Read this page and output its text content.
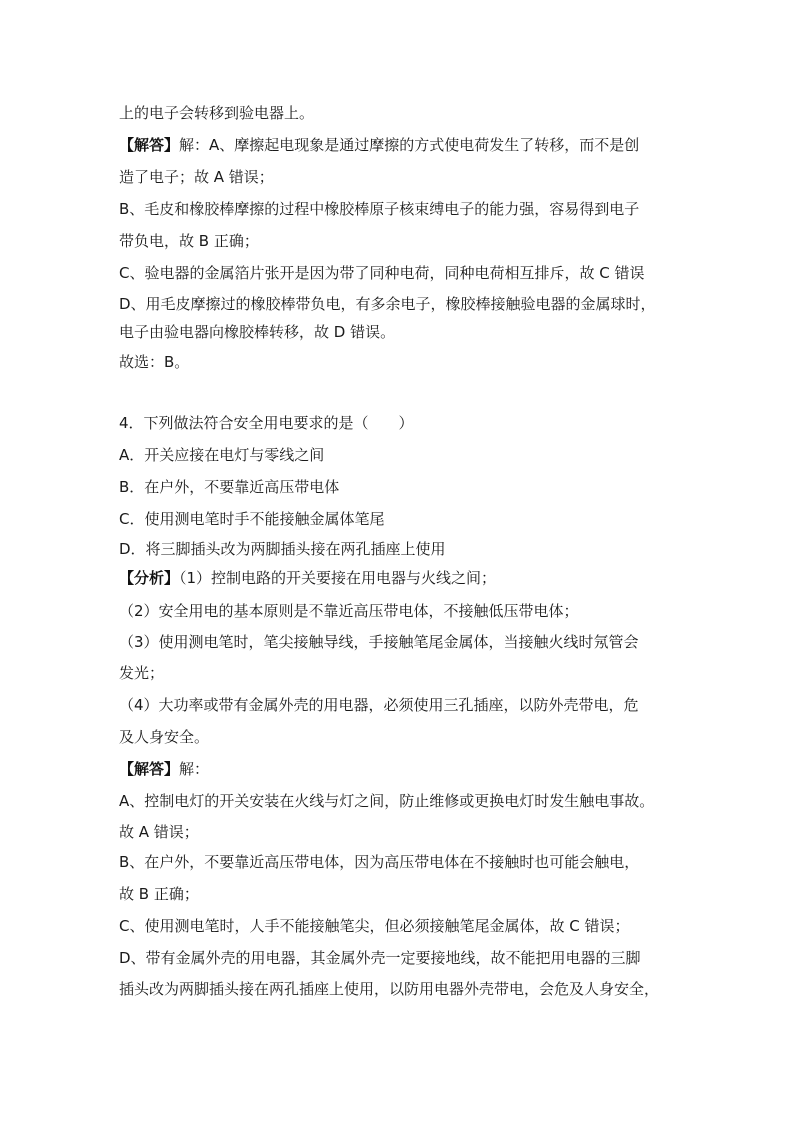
上的电子会转移到验电器上。
【解答】解：A、摩擦起电现象是通过摩擦的方式使电荷发生了转移，而不是创
造了电子；故 A 错误；
B、毛皮和橡胶棒摩擦的过程中橡胶棒原子核束缚电子的能力强，容易得到电子
带负电，故 B 正确；
C、验电器的金属箔片张开是因为带了同种电荷，同种电荷相互排斥，故 C 错误
D、用毛皮摩擦过的橡胶棒带负电，有多余电子，橡胶棒接触验电器的金属球时，
电子由验电器向橡胶棒转移，故 D 错误。
故选：B。
4．下列做法符合安全用电要求的是（　　）
A．开关应接在电灯与零线之间
B．在户外，不要靠近高压带电体
C．使用测电笔时手不能接触金属体笔尾
D．将三脚插头改为两脚插头接在两孔插座上使用
【分析】（1）控制电路的开关要接在用电器与火线之间；
（2）安全用电的基本原则是不靠近高压带电体，不接触低压带电体；
（3）使用测电笔时，笔尖接触导线，手接触笔尾金属体，当接触火线时氖管会
发光；
（4）大功率或带有金属外壳的用电器，必须使用三孔插座，以防外壳带电，危
及人身安全。
【解答】解：
A、控制电灯的开关安装在火线与灯之间，防止维修或更换电灯时发生触电事故。
故 A 错误；
B、在户外，不要靠近高压带电体，因为高压带电体在不接触时也可能会触电，
故 B 正确；
C、使用测电笔时，人手不能接触笔尖，但必须接触笔尾金属体，故 C 错误；
D、带有金属外壳的用电器，其金属外壳一定要接地线，故不能把用电器的三脚
插头改为两脚插头接在两孔插座上使用，以防用电器外壳带电，会危及人身安全，
